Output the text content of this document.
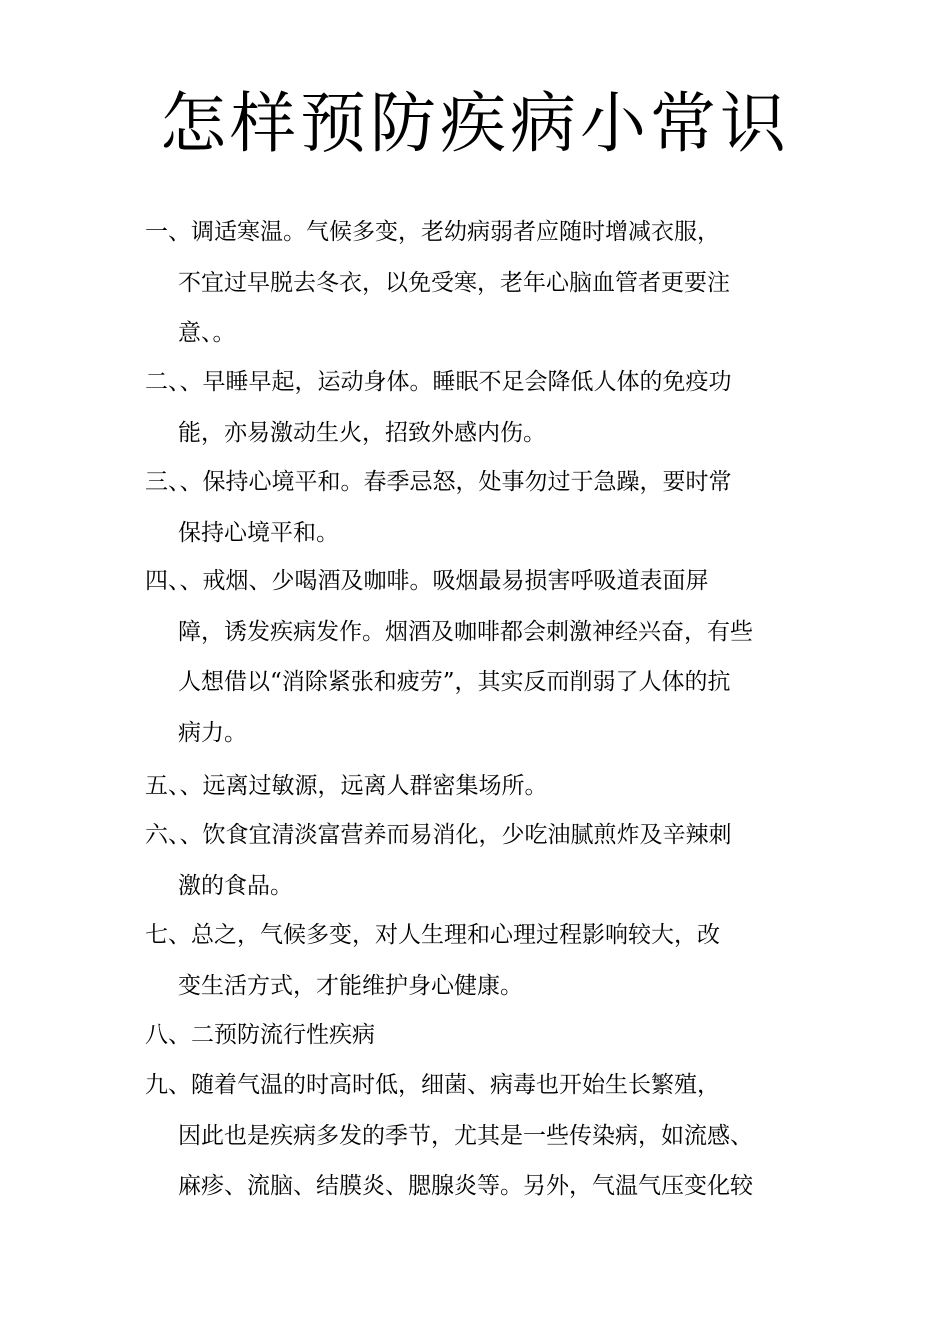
怎样预防疾病小常识
一、调适寒温。气候多变，老幼病弱者应随时增减衣服，
不宜过早脱去冬衣，以免受寒，老年心脑血管者更要注
意、。
二、、早睡早起，运动身体。睡眠不足会降低人体的免疫功
能，亦易激动生火，招致外感内伤。
三、、保持心境平和。春季忌怒，处事勿过于急躁，要时常
保持心境平和。
四、、戒烟、少喝酒及咖啡。吸烟最易损害呼吸道表面屏
障，诱发疾病发作。烟酒及咖啡都会刺激神经兴奋，有些
人想借以“消除紧张和疲劳”，其实反而削弱了人体的抗
病力。
五、、远离过敏源，远离人群密集场所。
六、、饮食宜清淡富营养而易消化，少吃油腻煎炸及辛辣刺
激的食品。
七、总之，气候多变，对人生理和心理过程影响较大，改
变生活方式，才能维护身心健康。
八、二预防流行性疾病
九、随着气温的时高时低，细菌、病毒也开始生长繁殖，
因此也是疾病多发的季节，尤其是一些传染病，如流感、
麻疹、流脑、结膜炎、腮腺炎等。另外，气温气压变化较
